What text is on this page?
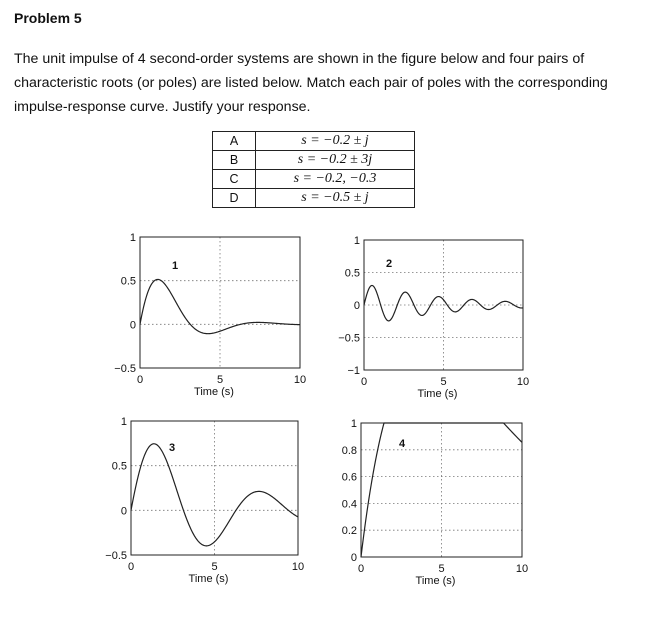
Problem 5

The unit impulse of 4 second-order systems are shown in the figure below and four pairs of characteristic roots (or poles) are listed below. Match each pair of poles with the corresponding impulse-response curve. Justify your response.

A	s = −0.2 ± j
B	s = −0.2 ± 3j
C	s = −0.2, −0.3
D	s = −0.5 ± j
0	5	10
1
0.5
0
−0.5
Time (s)
1
0	5	10
1
0.5
0
−0.5
−1
Time (s)
2
0	5	10
1
0.5
0
−0.5
Time (s)
3
0	5	10
1
0.8
0.6
0.4
0.2
0
Time (s)
4
